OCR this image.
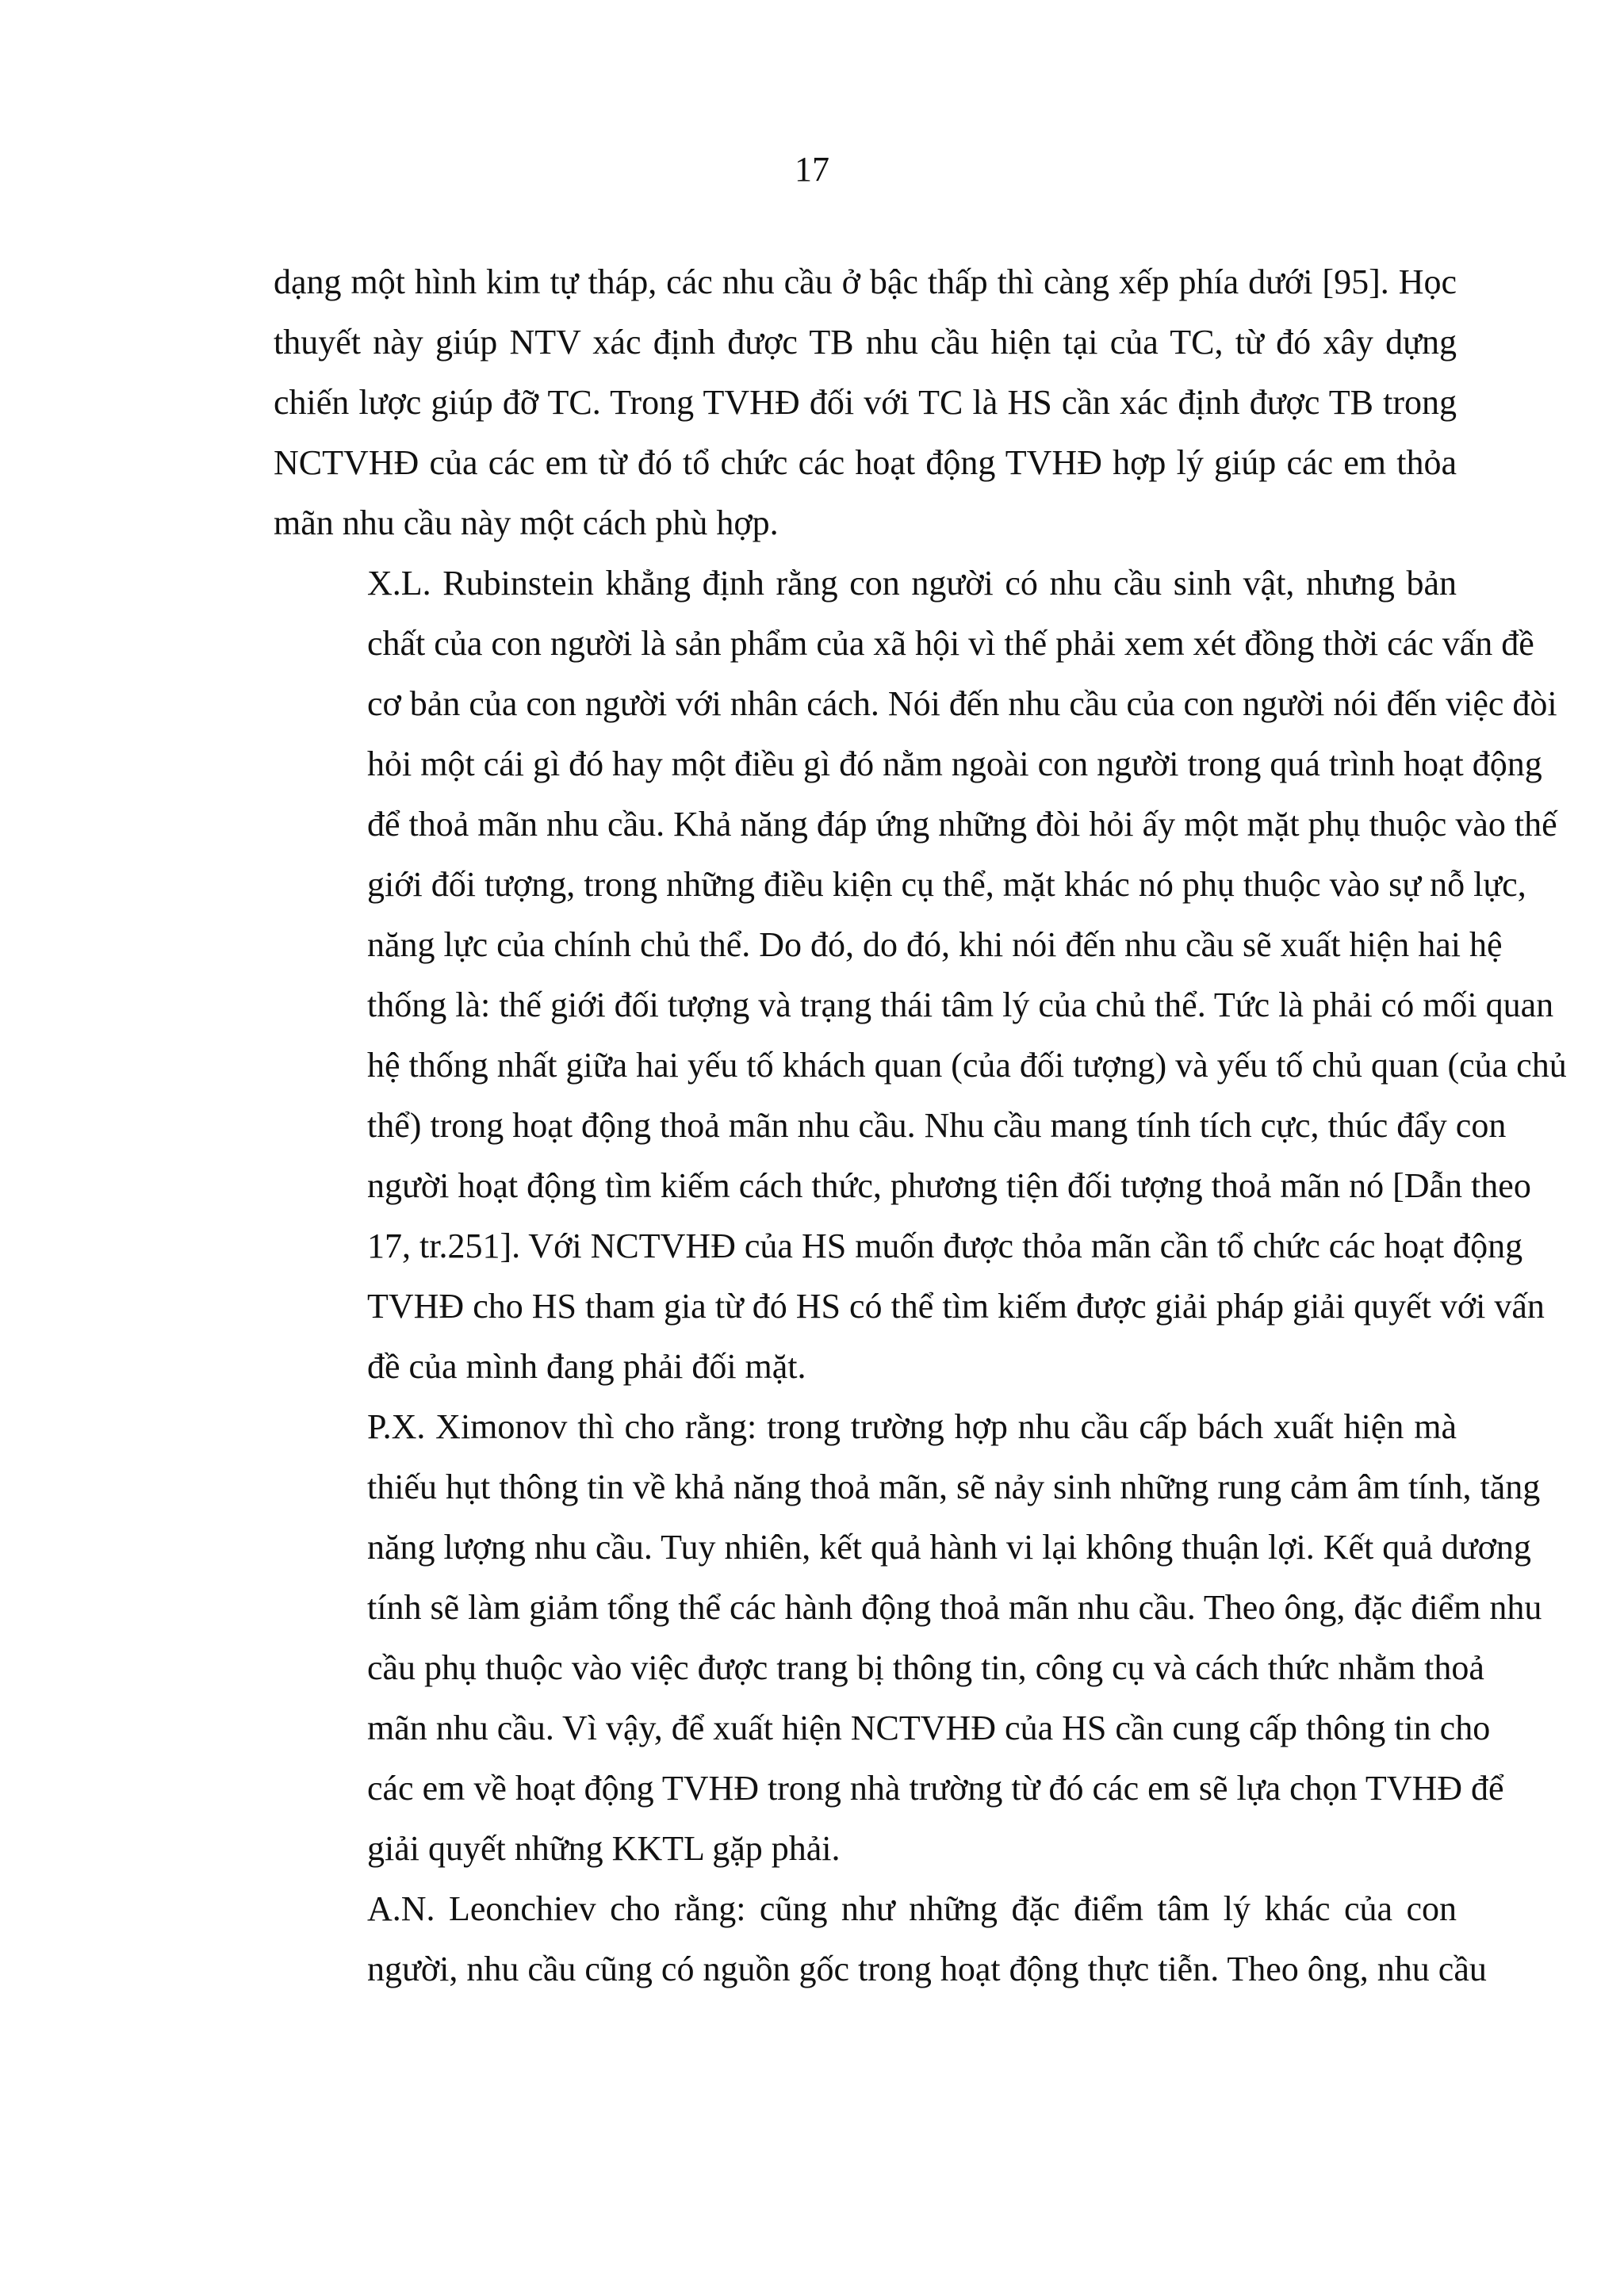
17

dạng một hình kim tự tháp, các nhu cầu ở bậc thấp thì càng xếp phía dưới [95]. Học
thuyết này giúp NTV xác định được TB nhu cầu hiện tại của TC, từ đó xây dựng
chiến lược giúp đỡ TC. Trong TVHĐ đối với TC là HS cần xác định được TB trong
NCTVHĐ của các em từ đó tổ chức các hoạt động TVHĐ hợp lý giúp các em thỏa
mãn nhu cầu này một cách phù hợp.

X.L. Rubinstein khẳng định rằng con người có nhu cầu sinh vật, nhưng bản
chất của con người là sản phẩm của xã hội vì thế phải xem xét đồng thời các vấn đề
cơ bản của con người với nhân cách. Nói đến nhu cầu của con người nói đến việc đòi
hỏi một cái gì đó hay một điều gì đó nằm ngoài con người trong quá trình hoạt động
để thoả mãn nhu cầu. Khả năng đáp ứng những đòi hỏi ấy một mặt phụ thuộc vào thế
giới đối tượng, trong những điều kiện cụ thể, mặt khác nó phụ thuộc vào sự nỗ lực,
năng lực của chính chủ thể. Do đó, do đó, khi nói đến nhu cầu sẽ xuất hiện hai hệ
thống là: thế giới đối tượng và trạng thái tâm lý của chủ thể. Tức là phải có mối quan
hệ thống nhất giữa hai yếu tố khách quan (của đối tượng) và yếu tố chủ quan (của chủ
thể) trong hoạt động thoả mãn nhu cầu. Nhu cầu mang tính tích cực, thúc đẩy con
người hoạt động tìm kiếm cách thức, phương tiện đối tượng thoả mãn nó [Dẫn theo
17, tr.251]. Với NCTVHĐ của HS muốn được thỏa mãn cần tổ chức các hoạt động
TVHĐ cho HS tham gia từ đó HS có thể tìm kiếm được giải pháp giải quyết với vấn
đề của mình đang phải đối mặt.

P.X. Ximonov thì cho rằng: trong trường hợp nhu cầu cấp bách xuất hiện mà
thiếu hụt thông tin về khả năng thoả mãn, sẽ nảy sinh những rung cảm âm tính, tăng
năng lượng nhu cầu. Tuy nhiên, kết quả hành vi lại không thuận lợi. Kết quả dương
tính sẽ làm giảm tổng thể các hành động thoả mãn nhu cầu. Theo ông, đặc điểm nhu
cầu phụ thuộc vào việc được trang bị thông tin, công cụ và cách thức nhằm thoả
mãn nhu cầu. Vì vậy, để xuất hiện NCTVHĐ của HS cần cung cấp thông tin cho
các em về hoạt động TVHĐ trong nhà trường từ đó các em sẽ lựa chọn TVHĐ để
giải quyết những KKTL gặp phải.

A.N. Leonchiev cho rằng: cũng như những đặc điểm tâm lý khác của con
người, nhu cầu cũng có nguồn gốc trong hoạt động thực tiễn. Theo ông, nhu cầu
